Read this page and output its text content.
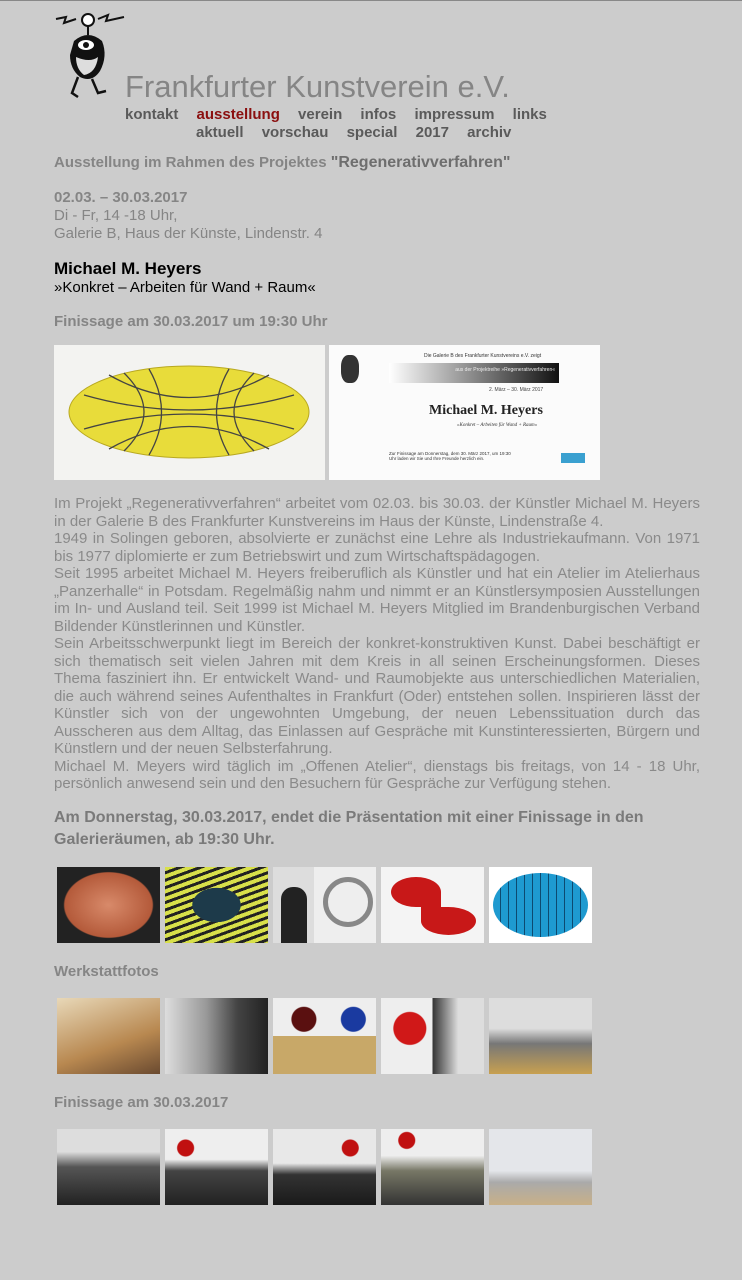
Frankfurter Kunstverein e.V.
kontakt ausstellung verein infos impressum links
aktuell vorschau special 2017 archiv
Ausstellung im Rahmen des Projektes "Regenerativverfahren"
02.03. – 30.03.2017
Di - Fr, 14 -18 Uhr,
Galerie B, Haus der Künste, Lindenstr. 4
Michael M. Heyers
»Konkret – Arbeiten für Wand + Raum«
Finissage am 30.03.2017 um 19:30 Uhr
Die Galerie B des Frankfurter Kunstvereins e.V. zeigt
aus der Projektreihe »Regenerativverfahren«
2. März – 30. März 2017
Michael M. Heyers
»Konkret – Arbeiten für Wand + Raum«
Zur Finissage am Donnerstag, dem 30. März 2017, um 19:30 Uhr laden wir Sie und Ihre Freunde herzlich ein.

Im Projekt „Regenerativverfahren“ arbeitet vom 02.03. bis 30.03. der Künstler Michael M. Heyers in der Galerie B des Frankfurter Kunstvereins im Haus der Künste, Lindenstraße 4.

1949 in Solingen geboren, absolvierte er zunächst eine Lehre als Industriekaufmann. Von 1971 bis 1977 diplomierte er zum Betriebswirt und zum Wirtschaftspädagogen.

Seit 1995 arbeitet Michael M. Heyers freiberuflich als Künstler und hat ein Atelier im Atelierhaus „Panzerhalle“ in Potsdam. Regelmäßig nahm und nimmt er an Künstlersymposien Ausstellungen im In- und Ausland teil. Seit 1999 ist Michael M. Heyers Mitglied im Brandenburgischen Verband Bildender Künstlerinnen und Künstler.

Sein Arbeitsschwerpunkt liegt im Bereich der konkret-konstruktiven Kunst. Dabei beschäftigt er sich thematisch seit vielen Jahren mit dem Kreis in all seinen Erscheinungsformen. Dieses Thema fasziniert ihn. Er entwickelt Wand- und Raumobjekte aus unterschiedlichen Materialien, die auch während seines Aufenthaltes in Frankfurt (Oder) entstehen sollen. Inspirieren lässt der Künstler sich von der ungewohnten Umgebung, der neuen Lebenssituation durch das Ausscheren aus dem Alltag, das Einlassen auf Gespräche mit Kunstinteressierten, Bürgern und Künstlern und der neuen Selbsterfahrung.

Michael M. Meyers wird täglich im „Offenen Atelier“, dienstags bis freitags, von 14 - 18 Uhr, persönlich anwesend sein und den Besuchern für Gespräche zur Verfügung stehen.

Am Donnerstag, 30.03.2017, endet die Präsentation mit einer Finissage in den Galerieräumen, ab 19:30 Uhr.
Werkstattfotos
Finissage am 30.03.2017
